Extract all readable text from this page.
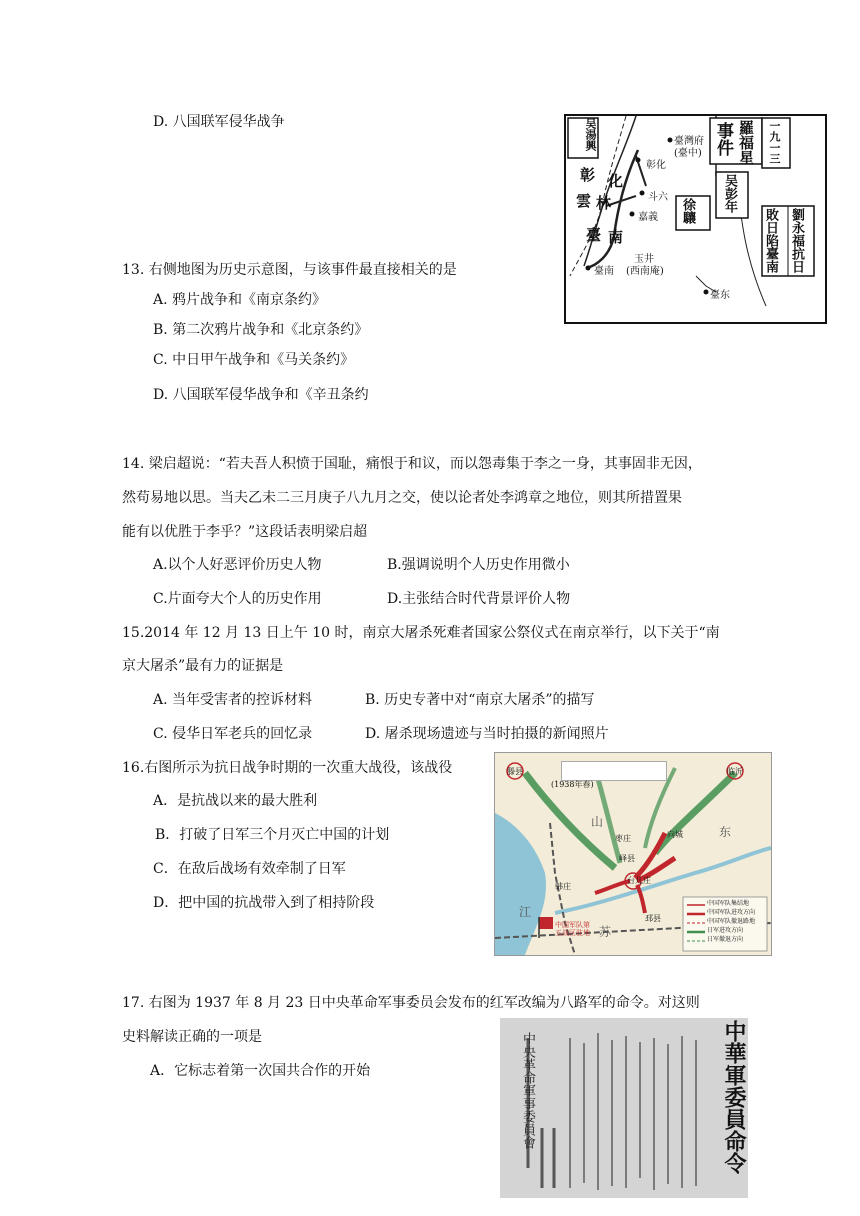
D. 八国联军侵华战争	吴湯興	事件 羅福星 一九一三
吴彭年
徐驤	劉永福抗日
敗日陷臺南
臺灣府
(臺中)
彰化
斗六
嘉義
玉井
(西南庵)
臺南
臺东
彰 化
雲 林
臺 南
13. 右侧地图为历史示意图，与该事件最直接相关的是
A. 鸦片战争和《南京条约》
B. 第二次鸦片战争和《北京条约》
C. 中日甲午战争和《马关条约》
D. 八国联军侵华战争和《辛丑条约
14. 梁启超说：“若夫吾人积愤于国耻，痛恨于和议，而以怨毒集于李之一身，其事固非无因，
然苟易地以思。当夫乙未二三月庚子八九月之交，使以论者处李鸿章之地位，则其所措置果
能有以优胜于李乎？”这段话表明梁启超
A.以个人好恶评价历史人物	B.强调说明个人历史作用微小
C.片面夸大个人的历史作用	D.主张结合时代背景评价人物
15.2014 年 12 月 13 日上午 10 时，南京大屠杀死难者国家公祭仪式在南京举行，以下关于“南
京大屠杀”最有力的证据是
A. 当年受害者的控诉材料	B. 历史专著中对“南京大屠杀”的描写
C. 侵华日军老兵的回忆录	D. 屠杀现场遗迹与当时拍摄的新闻照片
16.右图所示为抗日战争时期的一次重大战役，该战役
A．是抗战以来的最大胜利
B．打破了日军三个月灭亡中国的计划
C．在敌后战场有效牵制了日军
D．把中国的抗战带入到了相持阶段
(1938年春)
滕县	临沂
枣庄	向城
峄县
台儿庄
韩庄
邳县
山
东
江
苏
中国军队第
五战区驻地
中国军队集结地
中国军队进攻方向
中国军队撤退路地
日军进攻方向
日军撤退方向
17. 右图为 1937 年 8 月 23 日中央革命军事委员会发布的红军改编为八路军的命令。对这则
史料解读正确的一项是
A．它标志着第一次国共合作的开始	中華軍委員命令
中央革命軍事委員會
